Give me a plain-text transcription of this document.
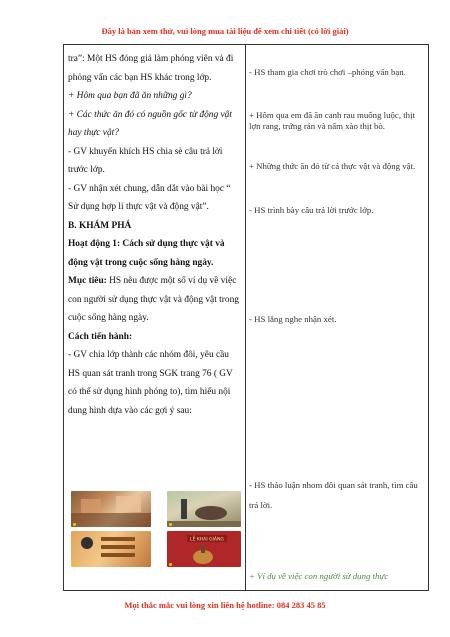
Đây là bản xem thử, vui lòng mua tài liệu để xem chi tiết (có lời giải)

tra”: Một HS đóng giả làm phóng viên và đi phỏng vấn các bạn HS khác trong lớp.

+ Hôm qua bạn đã ăn những gì?

+ Các thức ăn đó có nguồn gốc từ động vật hay thực vật?

- GV khuyến khích HS chia sẻ câu trả lời trước lớp.

- GV nhận xét chung, dẫn dắt vào bài học “ Sử dụng hợp lí thực vật và động vật”.

B. KHÁM PHÁ

Hoạt động 1: Cách sử dụng thực vật và động vật trong cuộc sống hàng ngày.

Mục tiêu: HS nêu được một số ví dụ về việc con người sử dụng thực vật và động vật trong cuộc sống hàng ngày.

Cách tiến hành:

- GV chia lớp thành các nhóm đôi, yêu cầu HS quan sát tranh trong SGK trang 76 ( GV có thể sử dụng hình phóng to), tìm hiểu nội dung hình dựa vào các gợi ý sau:

LỄ KHAI GIẢNG
- HS tham gia chơi trò chơi –phóng vấn bạn.
+ Hôm qua em đã ăn canh rau muống luộc, thịt lợn rang, trứng rán và nấm xào thịt bò.
+ Những thức ăn đó từ cả thực vật và động vật.
- HS trình bày câu trả lời trước lớp.
- HS lắng nghe nhận xét.
- HS thảo luận nhom đôi quan sát tranh, tìm câu trả lời.
+ Ví dụ về việc con người sử dụng thực
Mọi thắc mắc vui lòng xin liên hệ hotline: 084 283 45 85
